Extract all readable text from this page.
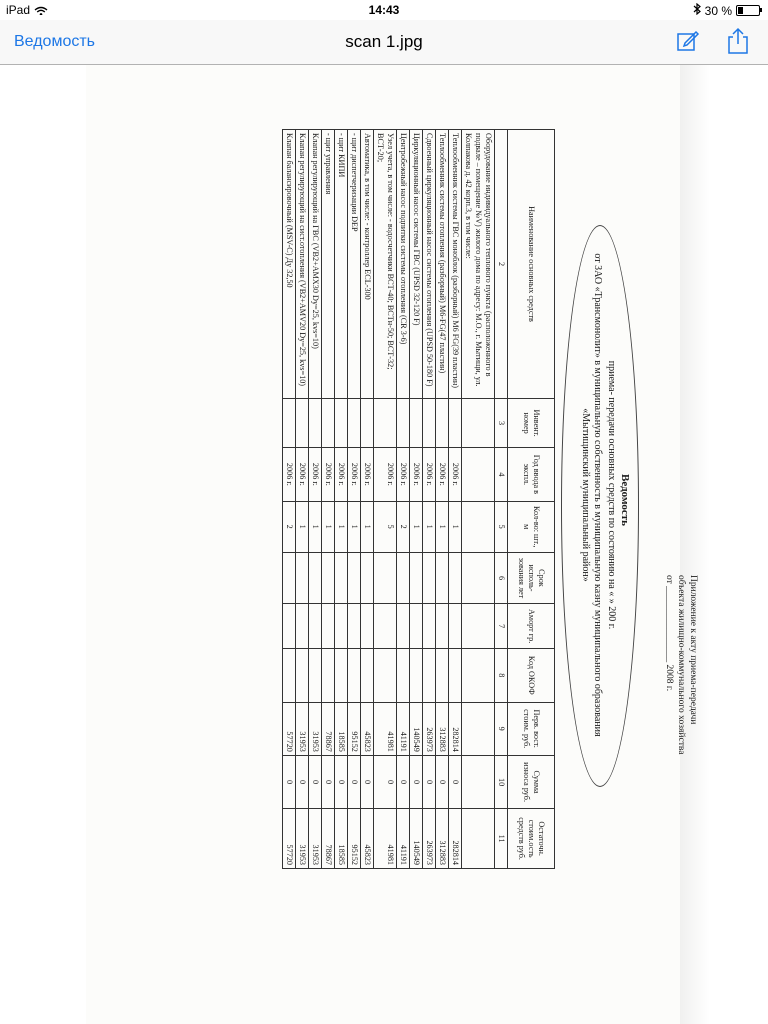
iPad	14:43	30 %
Ведомость	scan 1.jpg
Приложение к акту приема-передачи
объекта жилищно-коммунального хозяйства
от ________________ 2008 г.
Ведомость
приема- передачи основных средств по состоянию на « » 200 г.
от ЗАО «Трансмонолит» в муниципальную собственность в муниципальную казну муниципального образования
«Мытищинский муниципальный район»
Наименование основных средств	Инвент. номер	Год ввода в экспл.	Кол-во: шт., м	Срок исполь- зования лет	Аморт гр.	Код ОКОФ	Перв. вост. стоим. руб.	Сумма износа руб.	Остаточн. стоим.ость средств руб.
2	3	4	5	6	7	8	9	10	11
Оборудование индивидуального теплового пункта (расположенного в подвале – помещение №V) жилого дома по адресу: М.О., г. Мытищи, ул. Колпакова д. 42 корп.3, в том числе:									
Теплообменник системы ГВС моноблок (разборный) M6 FG(39 пластин)		2006 г.	1				282814	0	282814
Теплообменник системы отопления (разборный) M6-FG(47 пластин)		2006 г.	1				312883	0	312883
Сдвоенный циркуляционный насос системы отопления (UPSD 50-180 F)		2006 г.	1				263973	0	263973
Циркуляционный насос системы ГВС (UPSD 32-120 F)		2006 г.	1				140549	0	140549
Центробежный насос подпитки системы отопления (CR 3-6)		2006 г.	2				41191	0	41191
Узел учета, в том числе: - водосчетчики ВСТ-40; ВСТн-50; ВСТ-32; ВСТ-20;		2006 г.	5				41981	0	41981
Автоматика, в том числе: - контроллер ECL-300		2006 г.	1				45823	0	45823
- щит диспетчеризации DEP		2006 г.	1				95152	0	95152
- щит КИПИ		2006 г.	1				18585	0	18585
- щит управления		2006 г.	1				78867	0	78867
Клапан регулирующий на ГВС (VB2+AMX30 Dy=25, kvs=10)		2006 г.	1				31953	0	31953
Клапан регулирующий на сист.отопления (VB2+AMV20 Dy=25, kvs=10)		2006 г.	1				31953	0	31953
Клапан балансировочный (MSV-C) Ду 32,50		2006 г.	2				57720	0	57720
